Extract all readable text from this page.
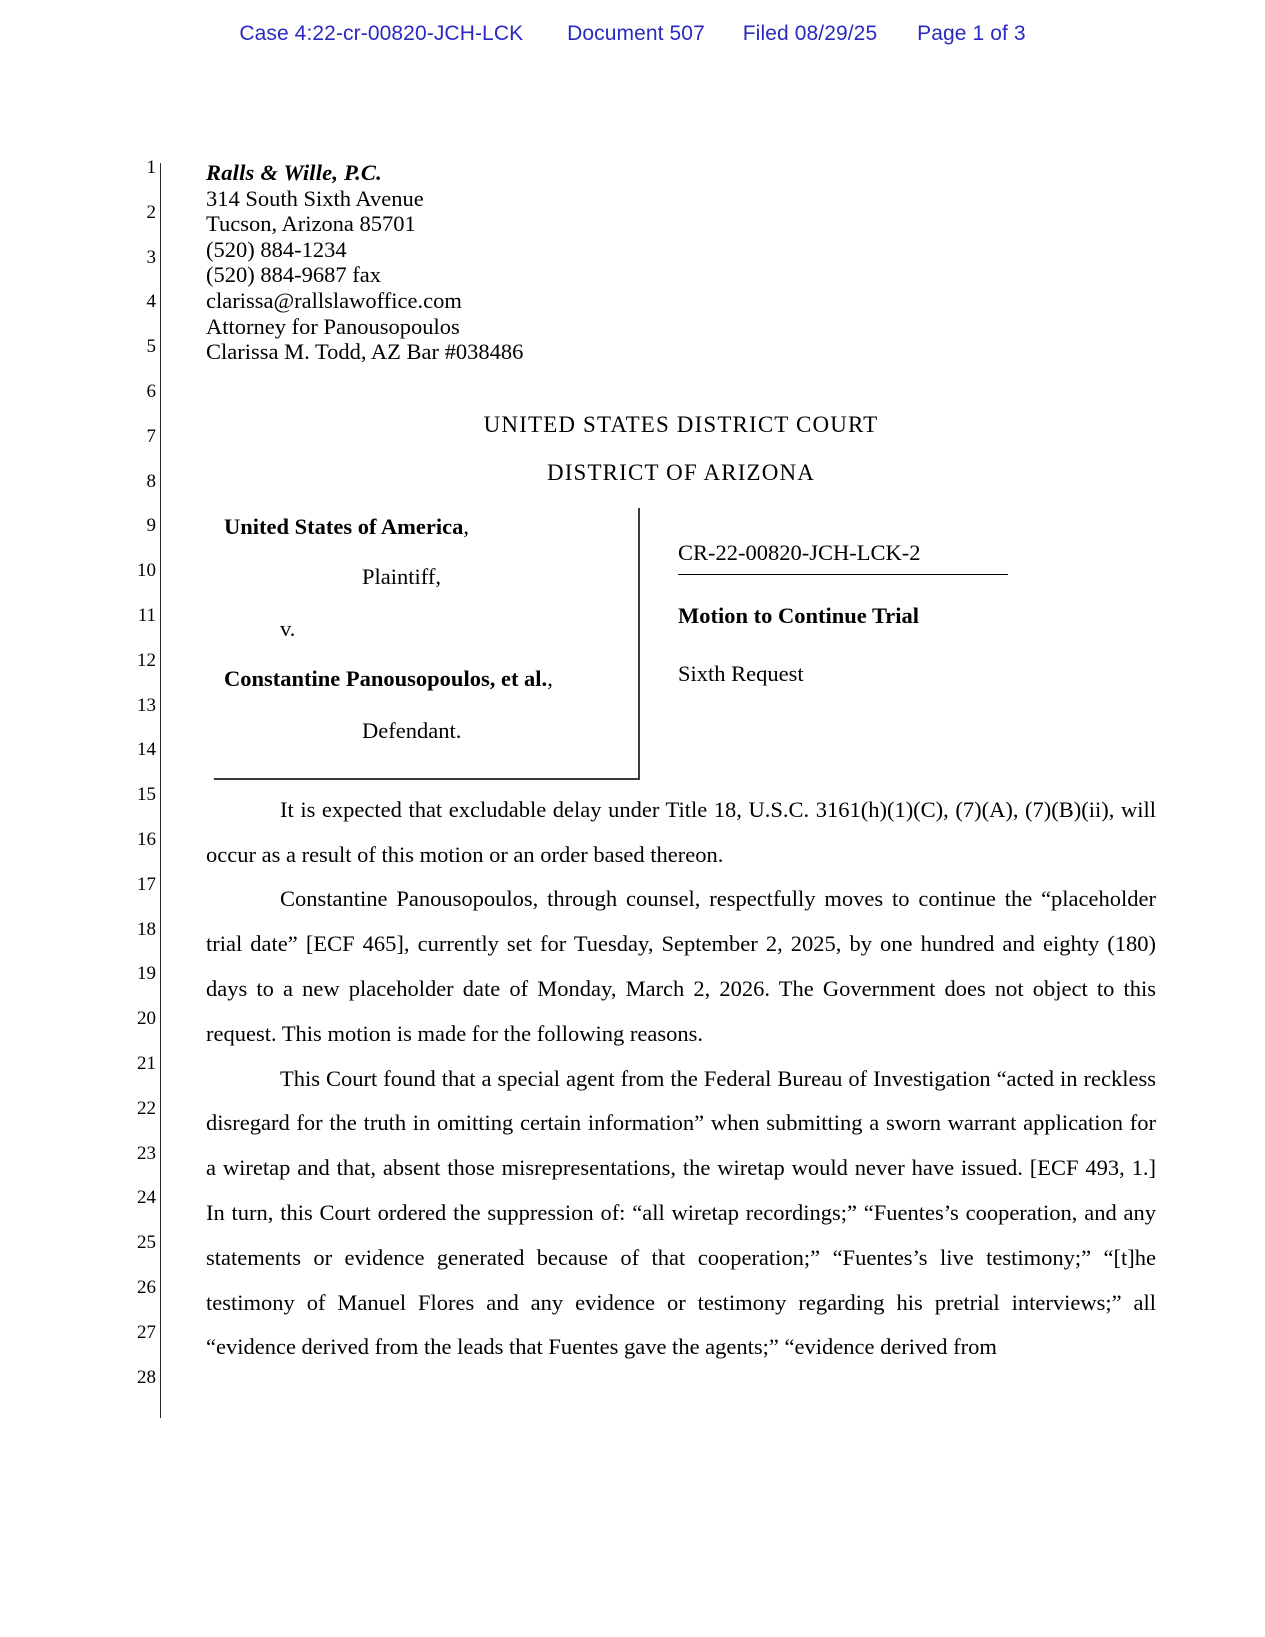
Case 4:22-cr-00820-JCH-LCK Document 507 Filed 08/29/25 Page 1 of 3
1
2
3
4
5
6
7
8
9
10
11
12
13
14
15
16
17
18
19
20
21
22
23
24
25
26
27
28
Ralls & Wille, P.C.
314 South Sixth Avenue
Tucson, Arizona 85701
(520) 884-1234
(520) 884-9687 fax
clarissa@rallslawoffice.com
Attorney for Panousopoulos
Clarissa M. Todd, AZ Bar #038486
UNITED STATES DISTRICT COURT
DISTRICT OF ARIZONA
United States of America,
Plaintiff,
v.
Constantine Panousopoulos, et al.,
Defendant.
CR-22-00820-JCH-LCK-2
Motion to Continue Trial
Sixth Request

It is expected that excludable delay under Title 18, U.S.C. 3161(h)(1)(C), (7)(A), (7)(B)(ii), will occur as a result of this motion or an order based thereon.

Constantine Panousopoulos, through counsel, respectfully moves to continue the “placeholder trial date” [ECF 465], currently set for Tuesday, September 2, 2025, by one hundred and eighty (180) days to a new placeholder date of Monday, March 2, 2026. The Government does not object to this request. This motion is made for the following reasons.

This Court found that a special agent from the Federal Bureau of Investigation “acted in reckless disregard for the truth in omitting certain information” when submitting a sworn warrant application for a wiretap and that, absent those misrepresentations, the wiretap would never have issued. [ECF 493, 1.] In turn, this Court ordered the suppression of: “all wiretap recordings;” “Fuentes’s cooperation, and any statements or evidence generated because of that cooperation;” “Fuentes’s live testimony;” “[t]he testimony of Manuel Flores and any evidence or testimony regarding his pretrial interviews;” all “evidence derived from the leads that Fuentes gave the agents;” “evidence derived from
